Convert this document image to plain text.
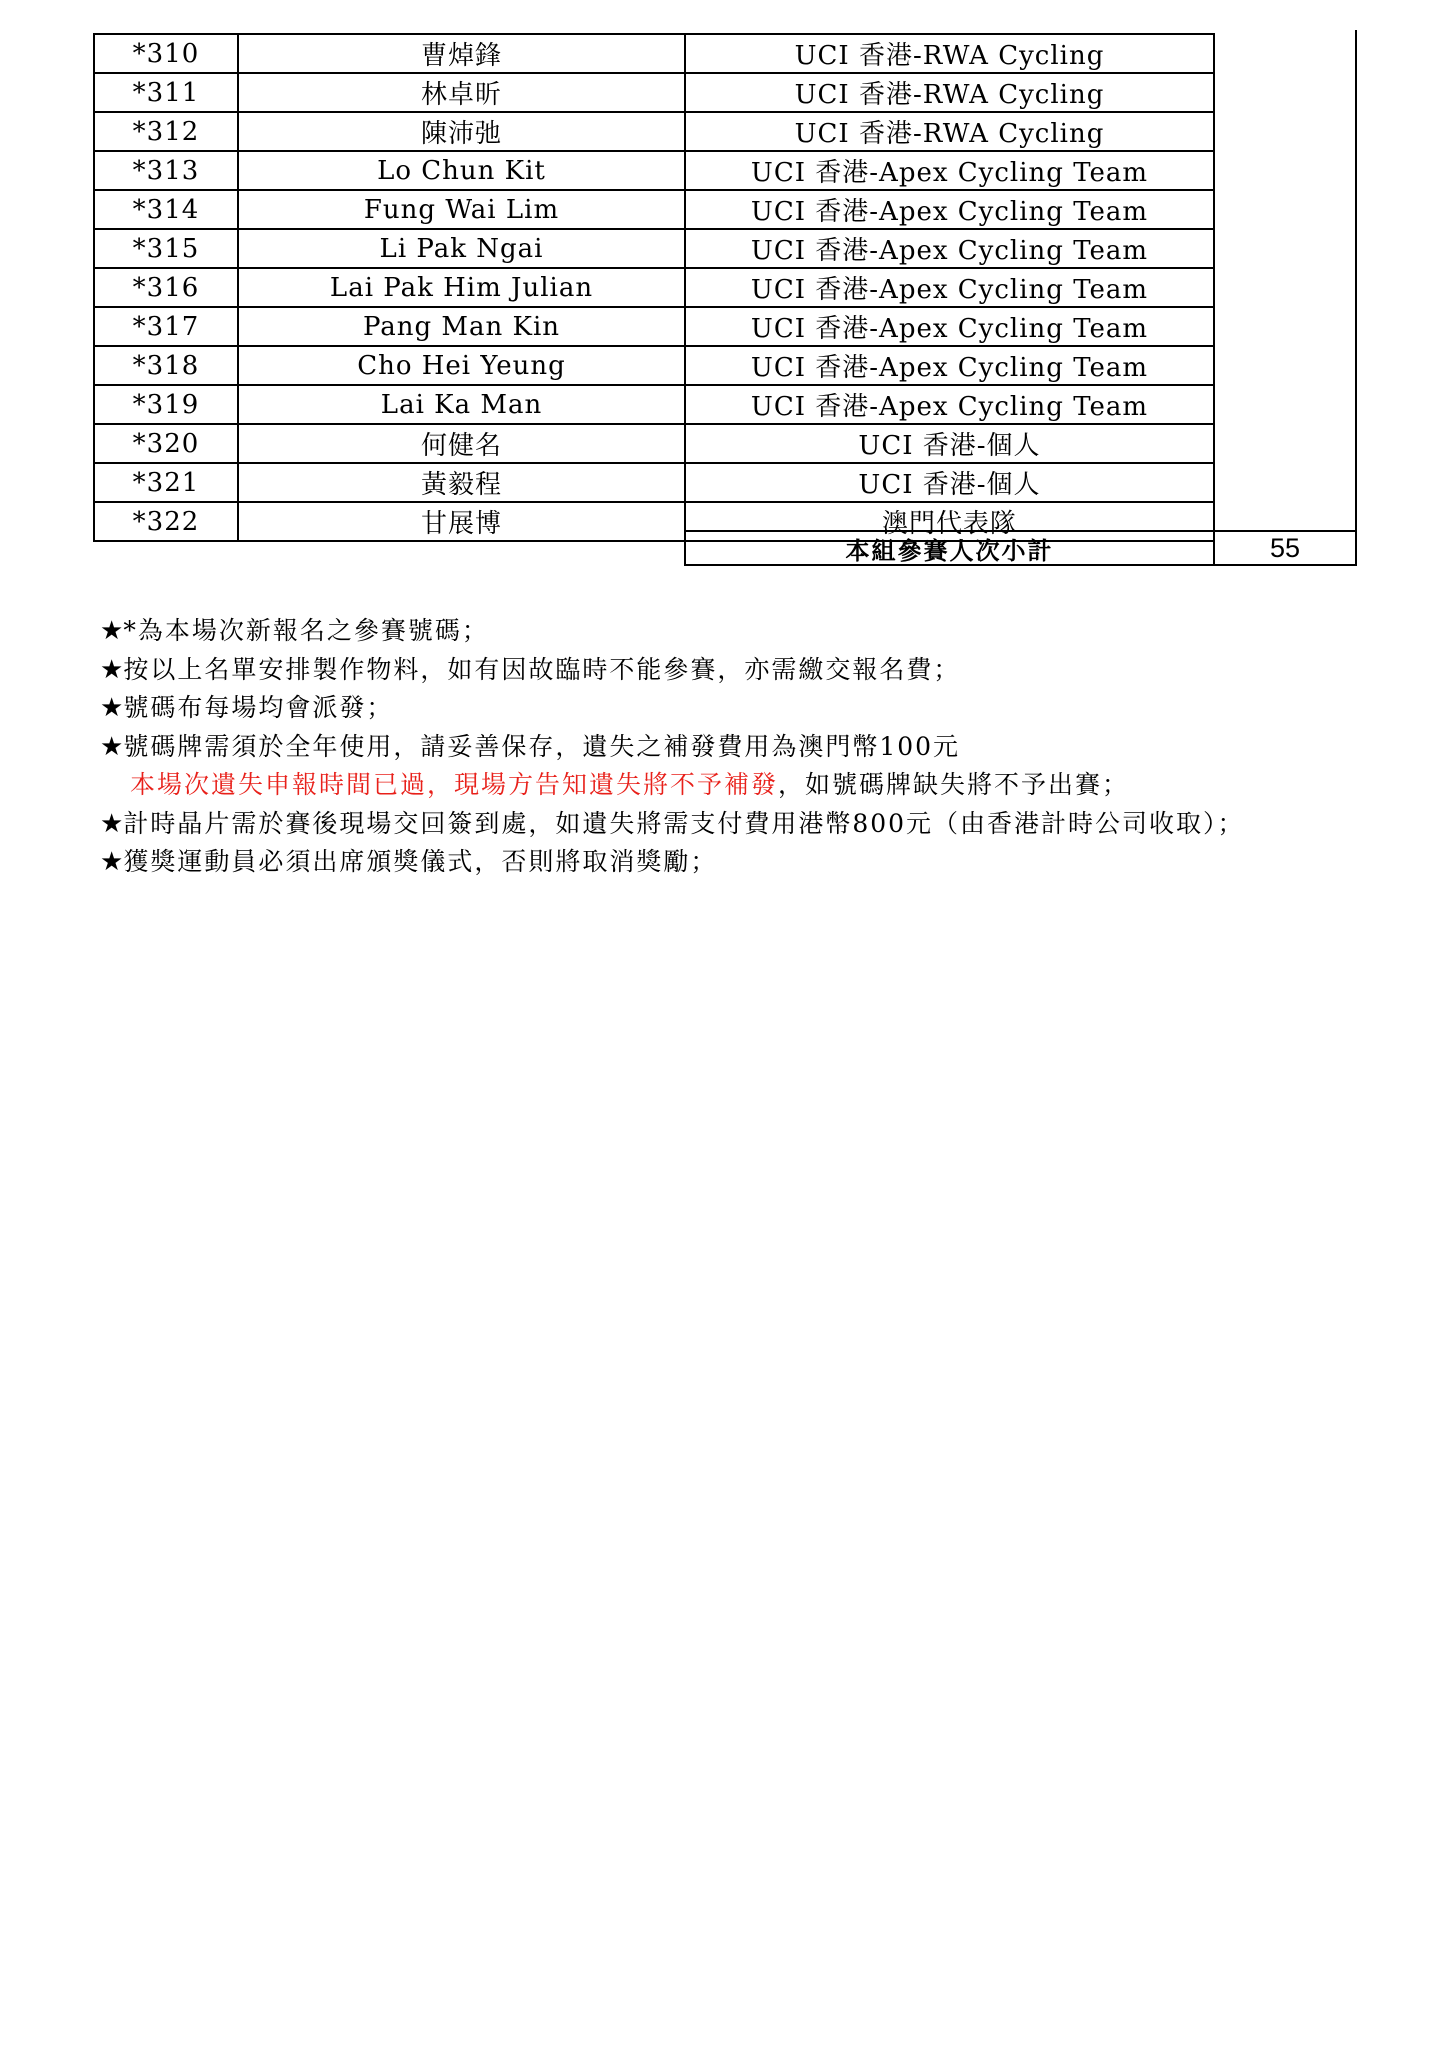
*310	曹焯鋒	UCI 香港-RWA Cycling
*311	林卓昕	UCI 香港-RWA Cycling
*312	陳沛弛	UCI 香港-RWA Cycling
*313	Lo Chun Kit	UCI 香港-Apex Cycling Team
*314	Fung Wai Lim	UCI 香港-Apex Cycling Team
*315	Li Pak Ngai	UCI 香港-Apex Cycling Team
*316	Lai Pak Him Julian	UCI 香港-Apex Cycling Team
*317	Pang Man Kin	UCI 香港-Apex Cycling Team
*318	Cho Hei Yeung	UCI 香港-Apex Cycling Team
*319	Lai Ka Man	UCI 香港-Apex Cycling Team
*320	何健名	UCI 香港-個人
*321	黃毅程	UCI 香港-個人
*322	甘展博	澳門代表隊
本組參賽人次小計	55
★*為本場次新報名之參賽號碼；
★按以上名單安排製作物料，如有因故臨時不能參賽，亦需繳交報名費；
★號碼布每場均會派發；
★號碼牌需須於全年使用，請妥善保存，遺失之補發費用為澳門幣100元
本場次遺失申報時間已過，現場方告知遺失將不予補發，如號碼牌缺失將不予出賽；
★計時晶片需於賽後現場交回簽到處，如遺失將需支付費用港幣800元（由香港計時公司收取）；
★獲獎運動員必須出席頒獎儀式，否則將取消獎勵；
